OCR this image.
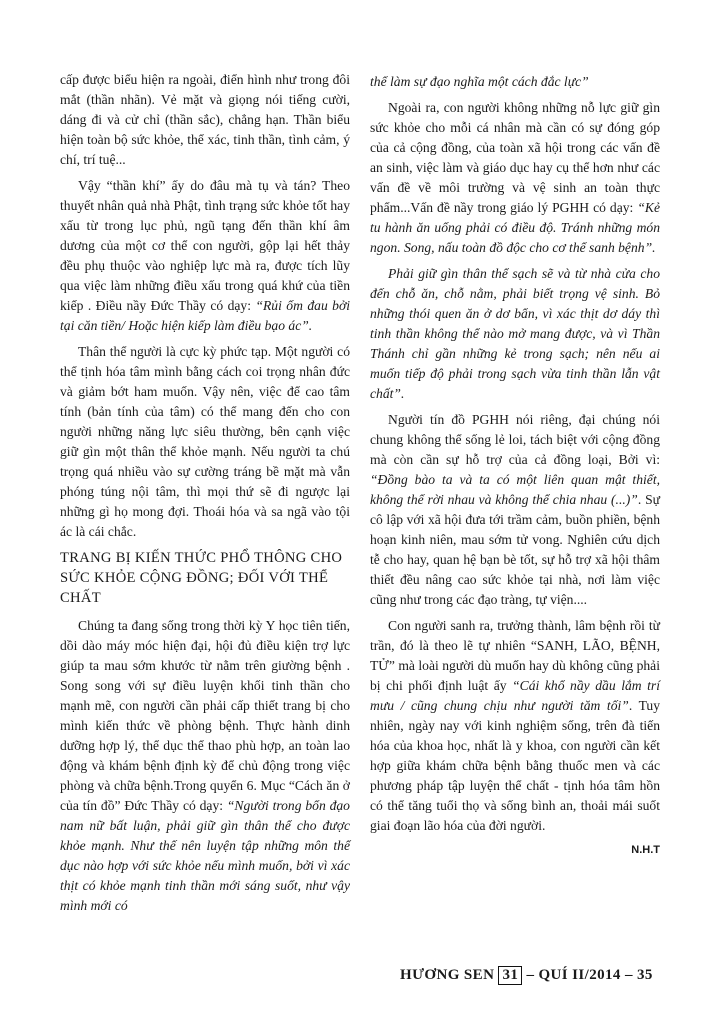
cấp được biểu hiện ra ngoài, điển hình như trong đôi mắt (thần nhãn). Vẻ mặt và giọng nói tiếng cười, dáng đi và cử chỉ (thần sắc), chẳng hạn. Thần biểu hiện toàn bộ sức khỏe, thể xác, tinh thần, tình cảm, ý chí, trí tuệ...

Vậy “thần khí” ấy do đâu mà tụ và tán? Theo thuyết nhân quả nhà Phật, tình trạng sức khỏe tốt hay xấu từ trong lục phủ, ngũ tạng đến thần khí âm dương của một cơ thể con người, gộp lại hết thảy đều phụ thuộc vào nghiệp lực mà ra, được tích lũy qua việc làm những điều xấu trong quá khứ của tiền kiếp . Điều nầy Đức Thầy có dạy: “Rủi ốm đau bởi tại căn tiền/ Hoặc hiện kiếp làm điều bạo ác”.

Thân thể người là cực kỳ phức tạp. Một người có thể tịnh hóa tâm mình bằng cách coi trọng nhân đức và giảm bớt ham muốn. Vậy nên, việc để cao tâm tính (bản tính của tâm) có thể mang đến cho con người những năng lực siêu thường, bên cạnh việc giữ gìn một thân thể khỏe mạnh. Nếu người ta chú trọng quá nhiều vào sự cường tráng bề mặt mà vẫn phóng túng nội tâm, thì mọi thứ sẽ đi ngược lại những gì họ mong đợi. Thoái hóa và sa ngã vào tội ác là cái chắc.

TRANG BỊ KIẾN THỨC PHỔ THÔNG CHO SỨC KHỎE CỘNG ĐỒNG; ĐỐI VỚI THỂ CHẤT

Chúng ta đang sống trong thời kỳ Y học tiên tiến, dồi dào máy móc hiện đại, hội đủ điều kiện trợ lực giúp ta mau sớm khước từ nằm trên giường bệnh . Song song với sự điều luyện khối tinh thần cho mạnh mẽ, con người cần phải cấp thiết trang bị cho mình kiến thức về phòng bệnh. Thực hành dinh dưỡng hợp lý, thể dục thể thao phù hợp, an toàn lao động và khám bệnh định kỳ để chủ động trong việc phòng và chữa bệnh.Trong quyển 6. Mục “Cách ăn ở của tín đồ” Đức Thầy có dạy: “Người trong bổn đạo nam nữ bất luận, phải giữ gìn thân thể cho được khỏe mạnh. Như thế nên luyện tập những môn thể dục nào hợp với sức khỏe nếu mình muốn, bởi vì xác thịt có khỏe mạnh tinh thần mới sáng suốt, như vậy mình mới có

thể làm sự đạo nghĩa một cách đắc lực”

Ngoài ra, con người không những nỗ lực giữ gìn sức khỏe cho mỗi cá nhân mà cần có sự đóng góp của cả cộng đồng, của toàn xã hội trong các vấn đề an sinh, việc làm và giáo dục hay cụ thể hơn như các vấn đề về môi trường và vệ sinh an toàn thực phẩm...Vấn đề nầy trong giáo lý PGHH có dạy: “Kẻ tu hành ăn uống phải có điều độ. Tránh những món ngon. Song, nấu toàn đồ độc cho cơ thể sanh bệnh”.

Phải giữ gìn thân thể sạch sẽ và từ nhà cửa cho đến chỗ ăn, chỗ nằm, phải biết trọng vệ sinh. Bỏ những thói quen ăn ở dơ bẩn, vì xác thịt dơ dáy thì tinh thần không thể nào mở mang được, và vì Thần Thánh chỉ gần những kẻ trong sạch; nên nếu ai muốn tiếp độ phải trong sạch vừa tinh thần lẫn vật chất”.

Người tín đồ PGHH nói riêng, đại chúng nói chung không thể sống lẻ loi, tách biệt với cộng đồng mà còn cần sự hỗ trợ của cả đồng loại, Bởi vì: “Đồng bào ta và ta có một liên quan mật thiết, không thể rời nhau và không thể chia nhau (...)”. Sự cô lập với xã hội đưa tới trầm cảm, buồn phiền, bệnh hoạn kinh niên, mau sớm tử vong. Nghiên cứu dịch tễ cho hay, quan hệ bạn bè tốt, sự hỗ trợ xã hội thâm thiết đều nâng cao sức khỏe tại nhà, nơi làm việc cũng như trong các đạo tràng, tự viện....

Con người sanh ra, trưởng thành, lâm bệnh rồi từ trần, đó là theo lẽ tự nhiên “SANH, LÃO, BỆNH, TỬ” mà loài người dù muốn hay dù không cũng phải bị chi phối định luật ấy “Cái khổ nầy dầu lắm trí mưu / cũng chung chịu như người tăm tối”. Tuy nhiên, ngày nay với kinh nghiệm sống, trên đà tiến hóa của khoa học, nhất là y khoa, con người cần kết hợp giữa khám chữa bệnh bằng thuốc men và các phương pháp tập luyện thể chất - tịnh hóa tâm hồn có thể tăng tuổi thọ và sống bình an, thoải mái suốt giai đoạn lão hóa của đời người.

N.H.T
HƯƠNG SEN 31 – QUÍ II/2014 – 35
